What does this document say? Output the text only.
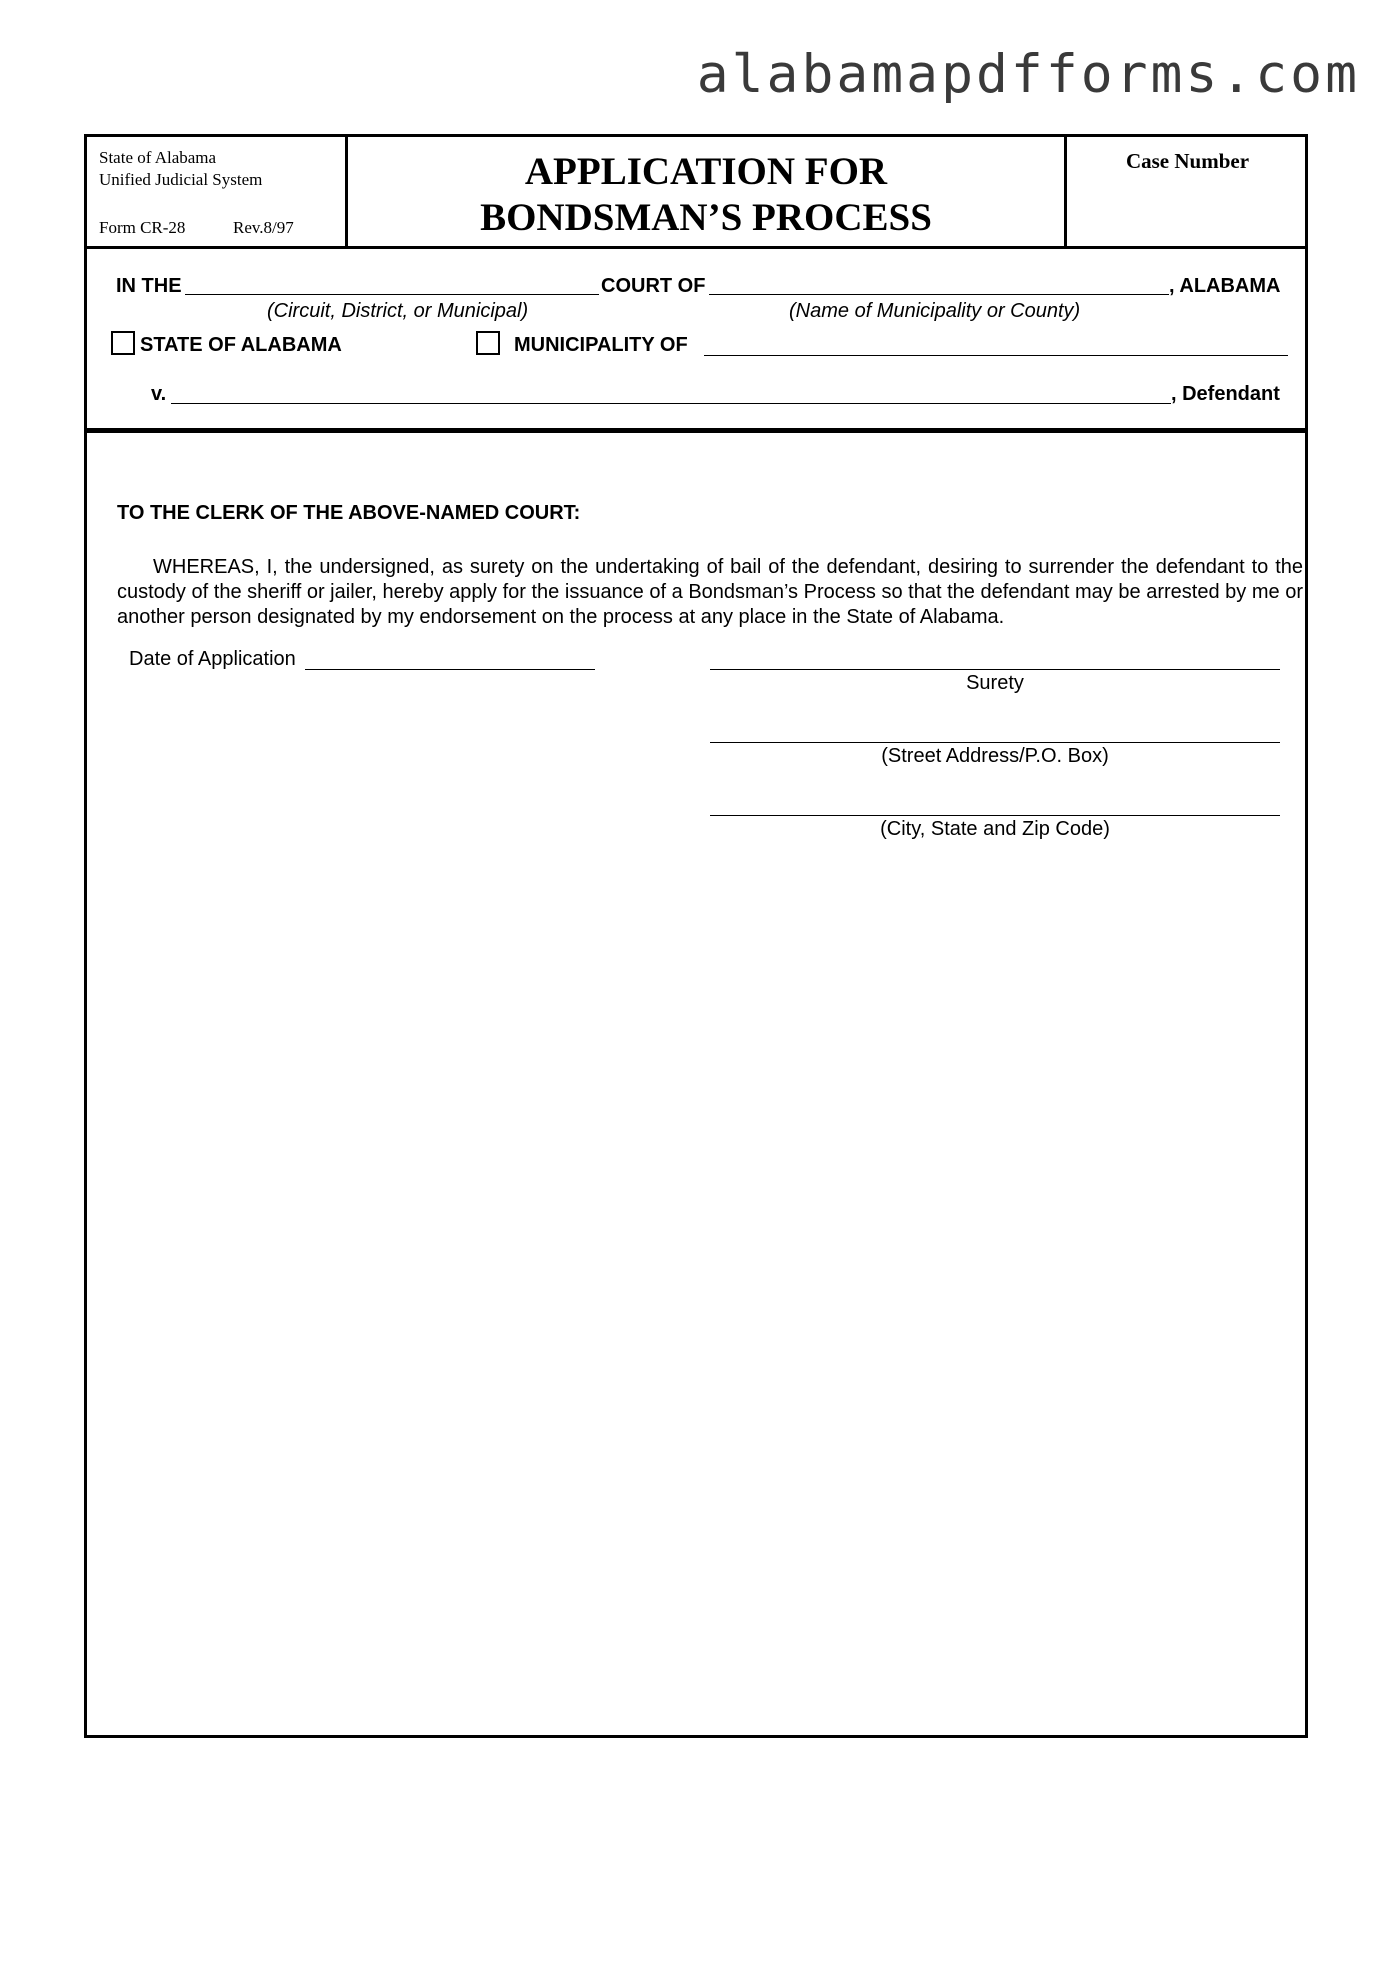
alabamapdfforms.com
State of Alabama
Unified Judicial System
Form CR-28	Rev.8/97
APPLICATION FOR
BONDSMAN’S PROCESS
Case Number
IN THE	COURT OF	, ALABAMA
(Circuit, District, or Municipal)	(Name of Municipality or County)
STATE OF ALABAMA	MUNICIPALITY OF
v.	, Defendant
TO THE CLERK OF THE ABOVE-NAMED COURT:
WHEREAS, I, the undersigned, as surety on the undertaking of bail of the defendant, desiring to surrender the defendant to the custody of the sheriff or jailer, hereby apply for the issuance of a Bondsman’s Process so that the defendant may be arrested by me or another person designated by my endorsement on the process at any place in the State of Alabama.
Date of Application
Surety
(Street Address/P.O. Box)
(City, State and Zip Code)
